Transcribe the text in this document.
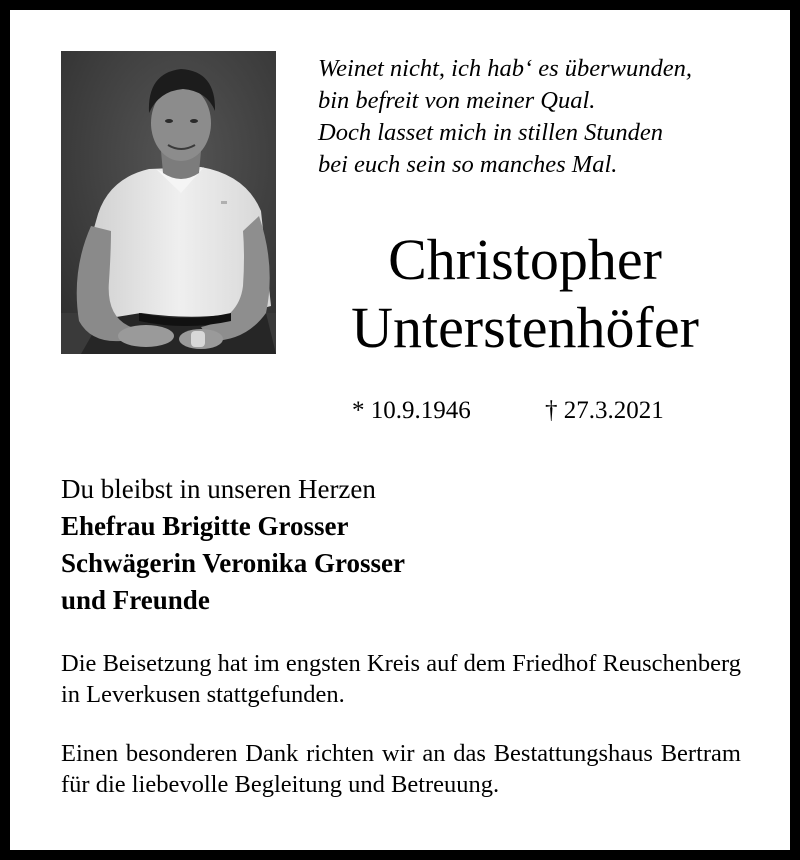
Weinet nicht, ich hab‘ es überwunden,
bin befreit von meiner Qual.
Doch lasset mich in stillen Stunden
bei euch sein so manches Mal.
Christopher
Unterstenhöfer
* 10.9.1946	† 27.3.2021
Du bleibst in unseren Herzen
Ehefrau Brigitte Grosser
Schwägerin Veronika Grosser
und Freunde
Die Beisetzung hat im engsten Kreis auf dem Friedhof Reuschenberg in Leverkusen stattgefunden.
Einen besonderen Dank richten wir an das Bestattungshaus Bertram für die liebevolle Begleitung und Betreuung.
